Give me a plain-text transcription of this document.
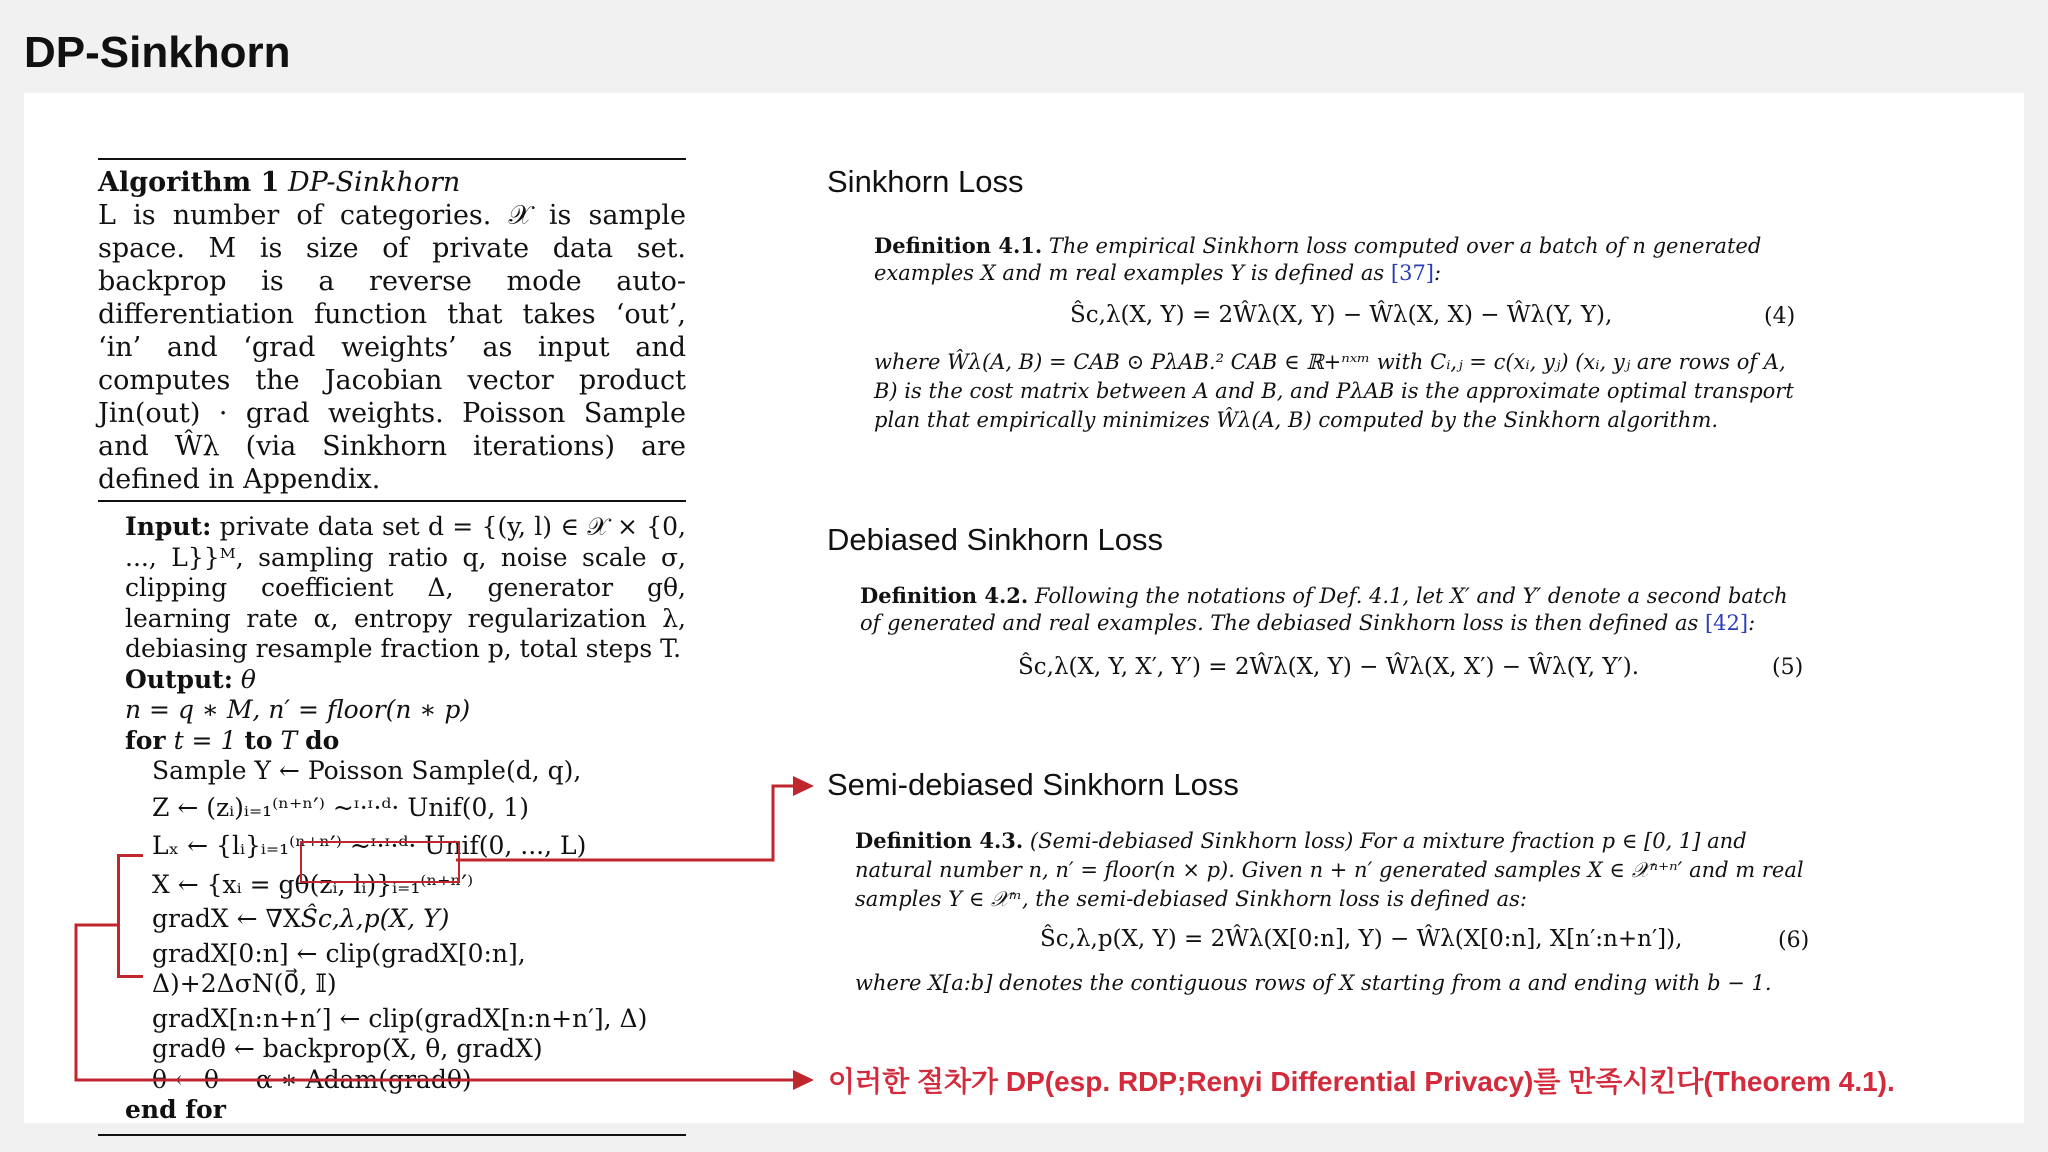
DP-Sinkhorn
Algorithm 1 DP-Sinkhorn
L is number of categories. 𝒳 is sample space. M is size of private data set. backprop is a reverse mode auto-differentiation function that takes ‘out’, ‘in’ and ‘grad weights’ as input and computes the Jacobian vector product Jin(out) · grad weights. Poisson Sample and Ŵλ (via Sinkhorn iterations) are defined in Appendix.
Input: private data set d = {(y, l) ∈ 𝒳 × {0, ..., L}}ᴹ, sampling ratio q, noise scale σ, clipping coefficient Δ, generator gθ, learning rate α, entropy regularization λ, debiasing resample fraction p, total steps T.
Output: θ
n = q ∗ M, n′ = floor(n ∗ p)
for t = 1 to T do
Sample Y ← Poisson Sample(d, q),
Z ← (zᵢ)ᵢ₌₁⁽ⁿ⁺ⁿ′⁾ ~ᶦ·ᶦ·ᵈ· Unif(0, 1)
Lₓ ← {lᵢ}ᵢ₌₁⁽ⁿ⁺ⁿ′⁾ ~ᶦ·ᶦ·ᵈ· Unif(0, ..., L)
X ← {xᵢ = gθ(zᵢ, lᵢ)}ᵢ₌₁⁽ⁿ⁺ⁿ′⁾
gradX ← ∇XŜc,λ,p(X, Y)
gradX[0:n] ← clip(gradX[0:n], Δ)+2ΔσN(0⃗, 𝕀)
gradX[n:n+n′] ← clip(gradX[n:n+n′], Δ)
gradθ ← backprop(X, θ, gradX)
θ ← θ − α ∗ Adam(gradθ)
end for
Sinkhorn Loss
Definition 4.1. The empirical Sinkhorn loss computed over a batch of n generated examples X and m real examples Y is defined as [37]:
Ŝc,λ(X, Y) = 2Ŵλ(X, Y) − Ŵλ(X, X) − Ŵλ(Y, Y),	(4)
where Ŵλ(A, B) = CAB ⊙ PλAB.² CAB ∈ ℝ+ⁿˣᵐ with Cᵢ,ⱼ = c(xᵢ, yⱼ) (xᵢ, yⱼ are rows of A, B) is the cost matrix between A and B, and PλAB is the approximate optimal transport plan that empirically minimizes Ŵλ(A, B) computed by the Sinkhorn algorithm.
Debiased Sinkhorn Loss
Definition 4.2. Following the notations of Def. 4.1, let X′ and Y′ denote a second batch of generated and real examples. The debiased Sinkhorn loss is then defined as [42]:
Ŝc,λ(X, Y, X′, Y′) = 2Ŵλ(X, Y) − Ŵλ(X, X′) − Ŵλ(Y, Y′).	(5)
Semi-debiased Sinkhorn Loss
Definition 4.3. (Semi-debiased Sinkhorn loss) For a mixture fraction p ∈ [0, 1] and natural number n, n′ = floor(n × p). Given n + n′ generated samples X ∈ 𝒳ⁿ⁺ⁿ′ and m real samples Y ∈ 𝒳ᵐ, the semi-debiased Sinkhorn loss is defined as:
Ŝc,λ,p(X, Y) = 2Ŵλ(X[0:n], Y) − Ŵλ(X[0:n], X[n′:n+n′]),	(6)
where X[a:b] denotes the contiguous rows of X starting from a and ending with b − 1.
이러한 절차가 DP(esp. RDP;Renyi Differential Privacy)를 만족시킨다(Theorem 4.1).
